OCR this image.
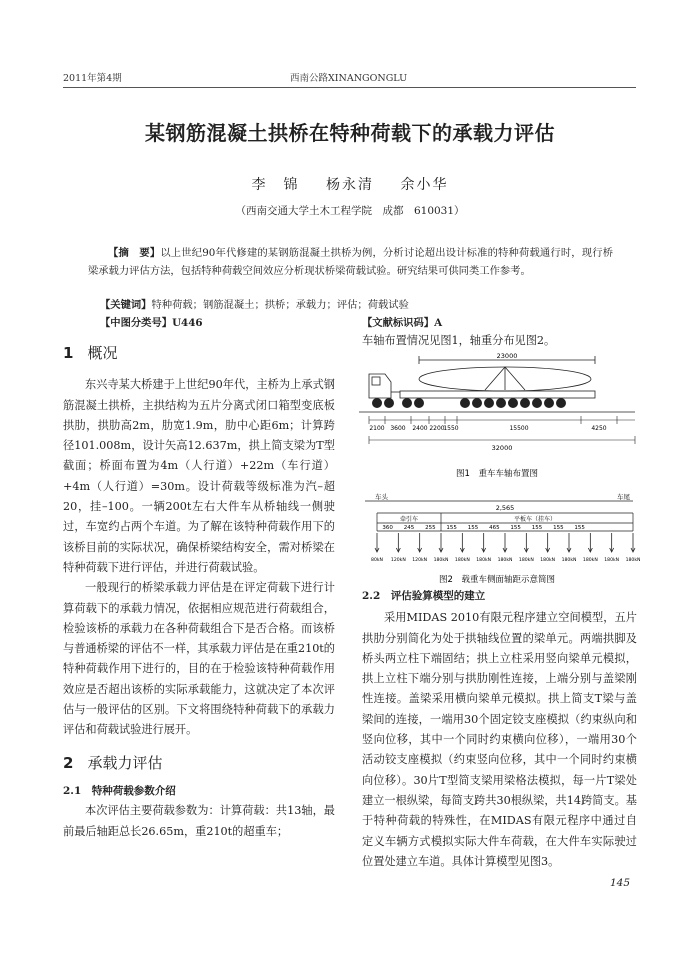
2011年第4期	西南公路XINANGONGLU
某钢筋混凝土拱桥在特种荷载下的承载力评估
李　锦 杨永清 余小华
（西南交通大学土木工程学院　成都　610031）
【摘　要】以上世纪90年代修建的某钢筋混凝土拱桥为例，分析讨论超出设计标准的特种荷载通行时，现行桥梁承载力评估方法，包括特种荷载空间效应分析现状桥梁荷载试验。研究结果可供同类工作参考。
【关键词】特种荷载；钢筋混凝土；拱桥；承载力；评估；荷载试验
【中图分类号】U446	【文献标识码】A
1 概况

东兴寺某大桥建于上世纪90年代，主桥为上承式钢筋混凝土拱桥，主拱结构为五片分离式闭口箱型变底板拱肋，拱肋高2m，肋宽1.9m，肋中心距6m；计算跨径101.008m，设计矢高12.637m，拱上简支梁为T型截面；桥面布置为4m（人行道）+22m（车行道）+4m（人行道）=30m。设计荷载等级标准为汽–超20，挂–100。一辆200t左右大件车从桥轴线一侧驶过，车宽约占两个车道。为了解在该特种荷载作用下的该桥目前的实际状况，确保桥梁结构安全，需对桥梁在特种荷载下进行评估，并进行荷载试验。

一般现行的桥梁承载力评估是在评定荷载下进行计算荷载下的承载力情况，依据相应规范进行荷载组合，检验该桥的承载力在各种荷载组合下是否合格。而该桥与普通桥梁的评估不一样，其承载力评估是在重210t的特种荷载作用下进行的，目的在于检验该特种荷载作用效应是否超出该桥的实际承载能力，这就决定了本次评估与一般评估的区别。下文将围绕特种荷载下的承载力评估和荷载试验进行展开。

2 承载力评估
2.1　 特种荷载参数介绍

本次评估主要荷载参数为：计算荷载：共13轴，最前最后轴距总长26.65m，重210t的超重车；

车轴布置情况见图1，轴重分布见图2。
23000
2100 3600 2400 2200
1550	15500	4250
32000
图1　重车车轴布置图
车头	车尾
2,565
牵引车	平板车（挂车）
360 245 255 155 155 465 155 155 155 155
80kN 120kN 120kN 180kN 180kN 180kN 180kN 180kN 180kN 180kN 180kN 180kN 180kN
图2　载重车侧面轴距示意简图
2.2　 评估验算模型的建立

采用MIDAS 2010有限元程序建立空间模型，五片拱肋分别简化为处于拱轴线位置的梁单元。两端拱脚及桥头两立柱下端固结；拱上立柱采用竖向梁单元模拟，拱上立柱下端分别与拱肋刚性连接，上端分别与盖梁刚性连接。盖梁采用横向梁单元模拟。拱上简支T梁与盖梁间的连接，一端用30个固定铰支座模拟（约束纵向和竖向位移，其中一个同时约束横向位移），一端用30个活动铰支座模拟（约束竖向位移，其中一个同时约束横向位移）。30片T型简支梁用梁格法模拟，每一片T梁处建立一根纵梁，每简支跨共30根纵梁，共14跨简支。基于特种荷载的特殊性，在MIDAS有限元程序中通过自定义车辆方式模拟实际大件车荷载，在大件车实际驶过位置处建立车道。具体计算模型见图3。

145
